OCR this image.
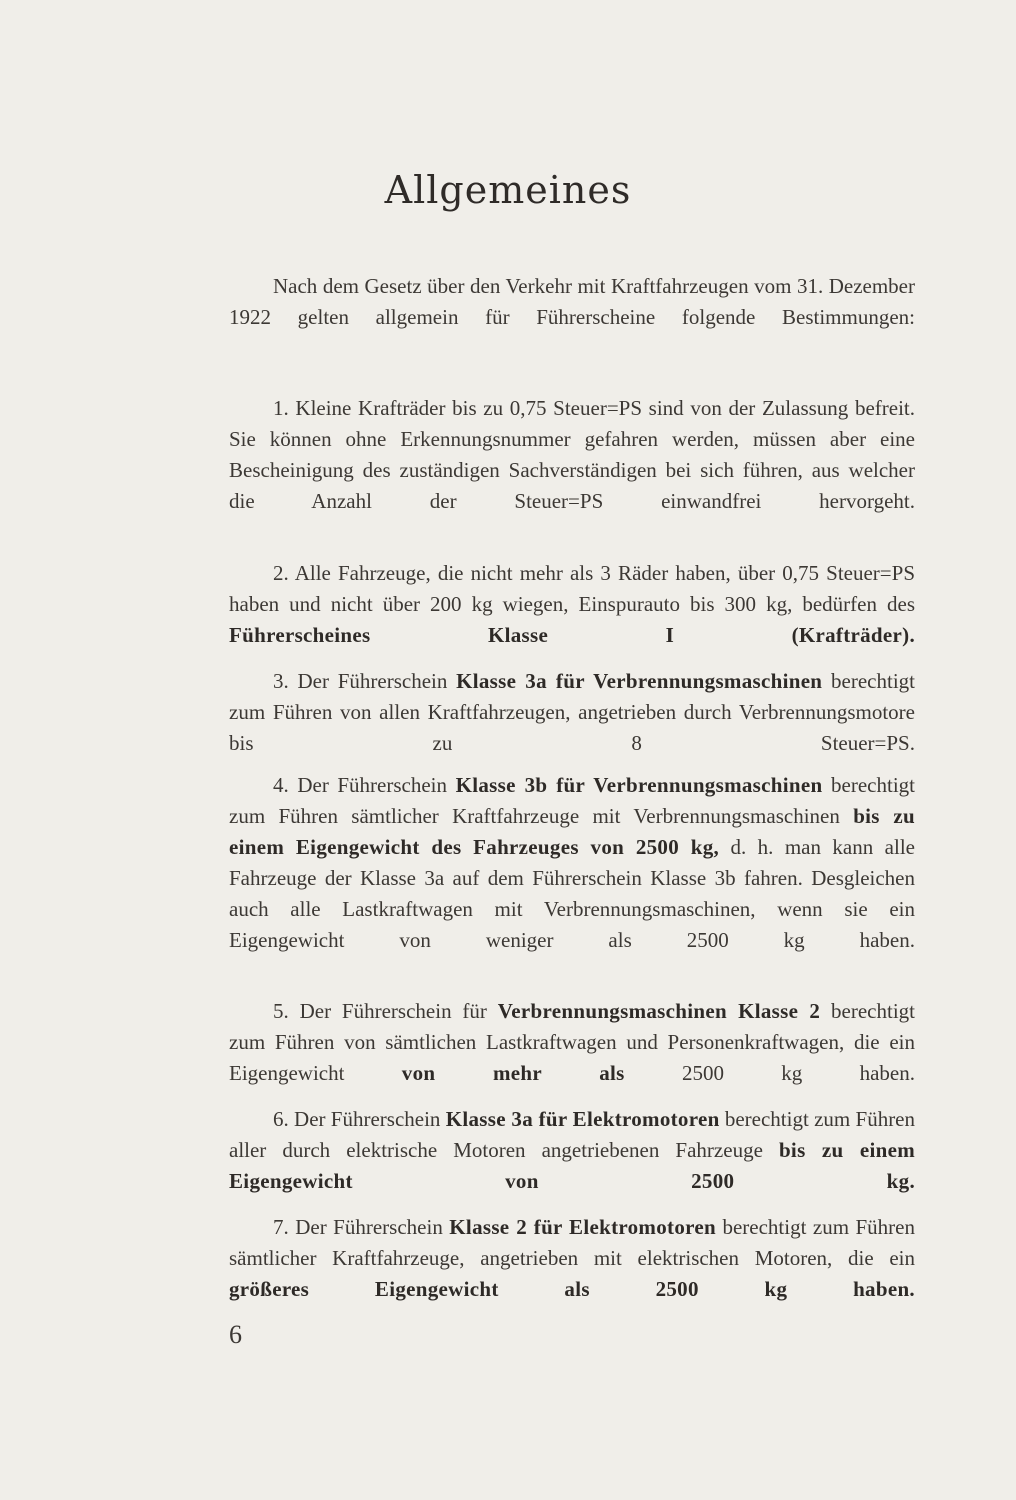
Allgemeines

Nach dem Gesetz über den Verkehr mit Kraftfahrzeugen vom 31. Dezember 1922 gelten allgemein für Führerscheine folgende Bestimmungen:

1. Kleine Krafträder bis zu 0,75 Steuer=PS sind von der Zulassung befreit. Sie können ohne Erkennungsnummer gefahren werden, müssen aber eine Bescheinigung des zuständigen Sachverständigen bei sich führen, aus welcher die Anzahl der Steuer=PS einwandfrei hervorgeht.

2. Alle Fahrzeuge, die nicht mehr als 3 Räder haben, über 0,75 Steuer=PS haben und nicht über 200 kg wiegen, Einspurauto bis 300 kg, bedürfen des Führerscheines Klasse I (Krafträder).

3. Der Führerschein Klasse 3a für Verbrennungsmaschinen berechtigt zum Führen von allen Kraftfahrzeugen, angetrieben durch Verbrennungsmotore bis zu 8 Steuer=PS.

4. Der Führerschein Klasse 3b für Verbrennungsmaschinen berechtigt zum Führen sämtlicher Kraftfahrzeuge mit Verbrennungsmaschinen bis zu einem Eigengewicht des Fahrzeuges von 2500 kg, d. h. man kann alle Fahrzeuge der Klasse 3a auf dem Führerschein Klasse 3b fahren. Desgleichen auch alle Lastkraftwagen mit Verbrennungsmaschinen, wenn sie ein Eigengewicht von weniger als 2500 kg haben.

5. Der Führerschein für Verbrennungsmaschinen Klasse 2 berechtigt zum Führen von sämtlichen Lastkraftwagen und Personenkraftwagen, die ein Eigengewicht von mehr als 2500 kg haben.

6. Der Führerschein Klasse 3a für Elektromotoren berechtigt zum Führen aller durch elektrische Motoren angetriebenen Fahrzeuge bis zu einem Eigengewicht von 2500 kg.

7. Der Führerschein Klasse 2 für Elektromotoren berechtigt zum Führen sämtlicher Kraftfahrzeuge, angetrieben mit elektrischen Motoren, die ein größeres Eigengewicht als 2500 kg haben.

6
